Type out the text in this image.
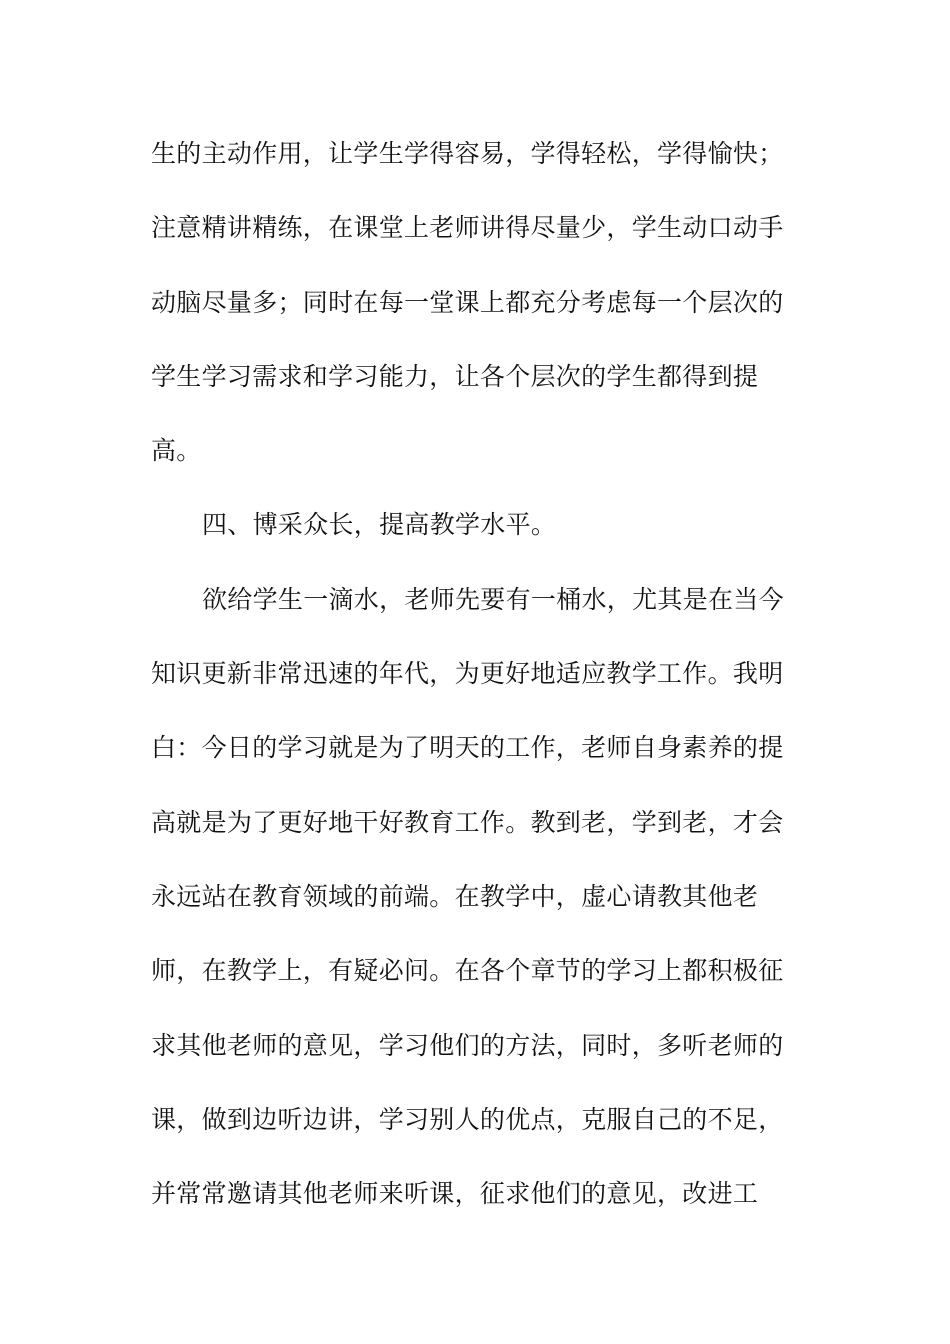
生的主动作用，让学生学得容易，学得轻松，学得愉快；
注意精讲精练，在课堂上老师讲得尽量少，学生动口动手
动脑尽量多；同时在每一堂课上都充分考虑每一个层次的
学生学习需求和学习能力，让各个层次的学生都得到提
高。
四、博采众长，提高教学水平。
欲给学生一滴水，老师先要有一桶水，尤其是在当今
知识更新非常迅速的年代，为更好地适应教学工作。我明
白：今日的学习就是为了明天的工作，老师自身素养的提
高就是为了更好地干好教育工作。教到老，学到老，才会
永远站在教育领域的前端。在教学中，虚心请教其他老
师，在教学上，有疑必问。在各个章节的学习上都积极征
求其他老师的意见，学习他们的方法，同时，多听老师的
课，做到边听边讲，学习别人的优点，克服自己的不足，
并常常邀请其他老师来听课，征求他们的意见，改进工
